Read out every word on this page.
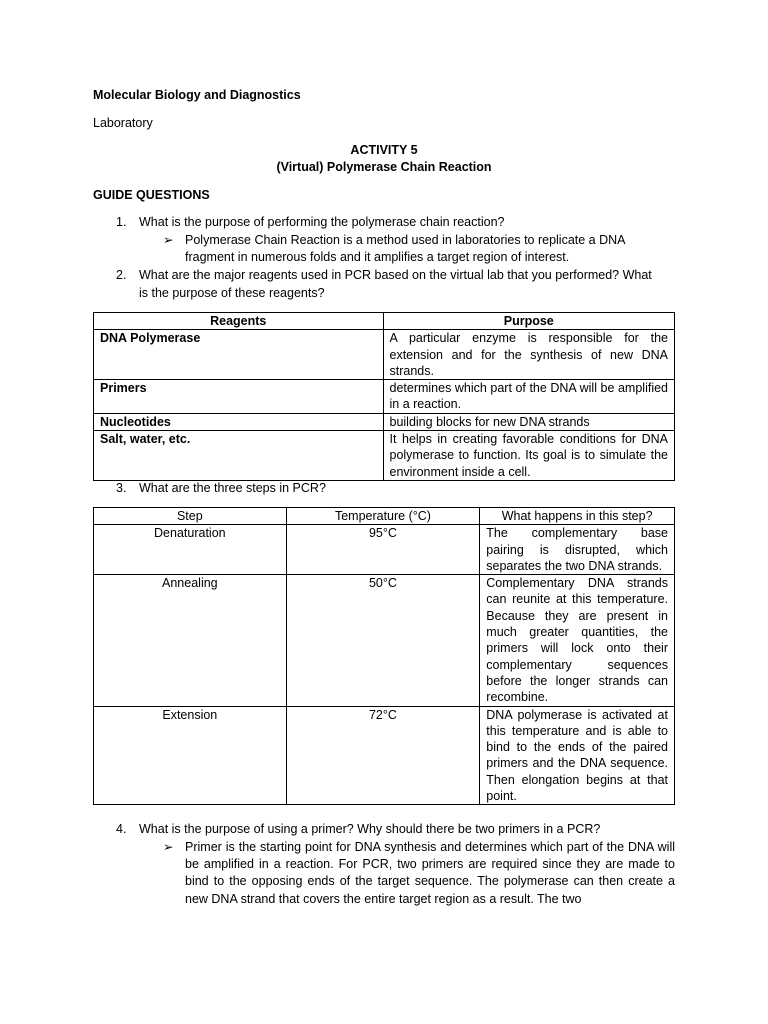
Molecular Biology and Diagnostics
Laboratory
ACTIVITY 5
(Virtual) Polymerase Chain Reaction
GUIDE QUESTIONS
1. What is the purpose of performing the polymerase chain reaction?
➢ Polymerase Chain Reaction is a method used in laboratories to replicate a DNA
fragment in numerous folds and it amplifies a target region of interest.
2. What are the major reagents used in PCR based on the virtual lab that you performed? What
is the purpose of these reagents?
Reagents	Purpose
DNA Polymerase	A particular enzyme is responsible for the extension and for the synthesis of new DNA strands.
Primers	determines which part of the DNA will be amplified in a reaction.
Nucleotides	building blocks for new DNA strands
Salt, water, etc.	It helps in creating favorable conditions for DNA polymerase to function. Its goal is to simulate the environment inside a cell.
3. What are the three steps in PCR?
Step	Temperature (°C)	What happens in this step?
Denaturation	95°C	The complementary base pairing is disrupted, which separates the two DNA strands.
Annealing	50°C	Complementary DNA strands can reunite at this temperature. Because they are present in much greater quantities, the primers will lock onto their complementary sequences before the longer strands can recombine.
Extension	72°C	DNA polymerase is activated at this temperature and is able to bind to the ends of the paired primers and the DNA sequence. Then elongation begins at that point.
4. What is the purpose of using a primer? Why should there be two primers in a PCR?
➢ Primer is the starting point for DNA synthesis and determines which part of the DNA will be amplified in a reaction. For PCR, two primers are required since they are made to bind to the opposing ends of the target sequence. The polymerase can then create a new DNA strand that covers the entire target region as a result. The two
